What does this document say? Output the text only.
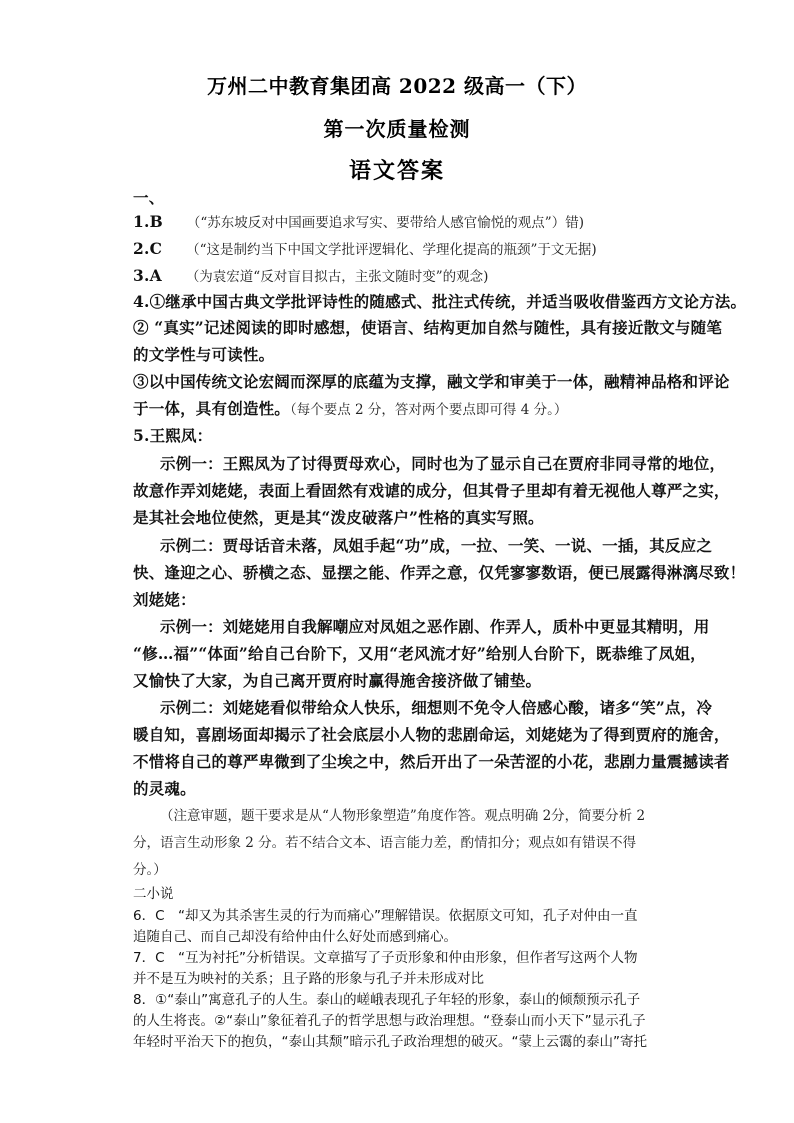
万州二中教育集团高 2022 级高一（下）
第一次质量检测
语文答案
一、
1.B （“苏东坡反对中国画要追求写实、要带给人感官愉悦的观点”）错)
2.C （“这是制约当下中国文学批评逻辑化、学理化提高的瓶颈”于文无据)
3.A （为袁宏道“反对盲目拟古，主张文随时变”的观念)
4.①继承中国古典文学批评诗性的随感式、批注式传统，并适当吸收借鉴西方文论方法。
② “真实”记述阅读的即时感想，使语言、结构更加自然与随性，具有接近散文与随笔
的文学性与可读性。
③以中国传统文论宏阔而深厚的底蕴为支撑，融文学和审美于一体，融精神品格和评论
于一体，具有创造性。（每个要点 2 分，答对两个要点即可得 4 分。）
5.王熙凤：
示例一：王熙凤为了讨得贾母欢心，同时也为了显示自己在贾府非同寻常的地位，
故意作弄刘姥姥，表面上看固然有戏谑的成分，但其骨子里却有着无视他人尊严之实，
是其社会地位使然，更是其“泼皮破落户”性格的真实写照。
示例二：贾母话音未落，凤姐手起“功”成，一拉、一笑、一说、一插，其反应之
快、逢迎之心、骄横之态、显摆之能、作弄之意，仅凭寥寥数语，便已展露得淋漓尽致！
刘姥姥：
示例一：刘姥姥用自我解嘲应对凤姐之恶作剧、作弄人，质朴中更显其精明，用
“修…福”“体面”给自己台阶下，又用“老风流才好”给别人台阶下，既恭维了凤姐，
又愉快了大家，为自己离开贾府时赢得施舍接济做了铺垫。
示例二：刘姥姥看似带给众人快乐，细想则不免令人倍感心酸，诸多“笑”点，冷
暖自知，喜剧场面却揭示了社会底层小人物的悲剧命运，刘姥姥为了得到贾府的施舍，
不惜将自己的尊严卑微到了尘埃之中，然后开出了一朵苦涩的小花，悲剧力量震撼读者
的灵魂。
（注意审题，题干要求是从“人物形象塑造”角度作答。观点明确 2分，简要分析 2
分，语言生动形象 2 分。若不结合文本、语言能力差，酌情扣分；观点如有错误不得
分。）
二小说
6．C　“却又为其杀害生灵的行为而痛心”理解错误。依据原文可知，孔子对仲由一直
追随自己、而自己却没有给仲由什么好处而感到痛心。
7．C　“互为衬托”分析错误。文章描写了子贡形象和仲由形象，但作者写这两个人物
并不是互为映衬的关系；且子路的形象与孔子并未形成对比
8．①“泰山”寓意孔子的人生。泰山的嵯峨表现孔子年轻的形象，泰山的倾颓预示孔子
的人生将丧。②“泰山”象征着孔子的哲学思想与政治理想。“登泰山而小天下”显示孔子
年轻时平治天下的抱负，“泰山其颓”暗示孔子政治理想的破灭。“蒙上云霭的泰山”寄托
